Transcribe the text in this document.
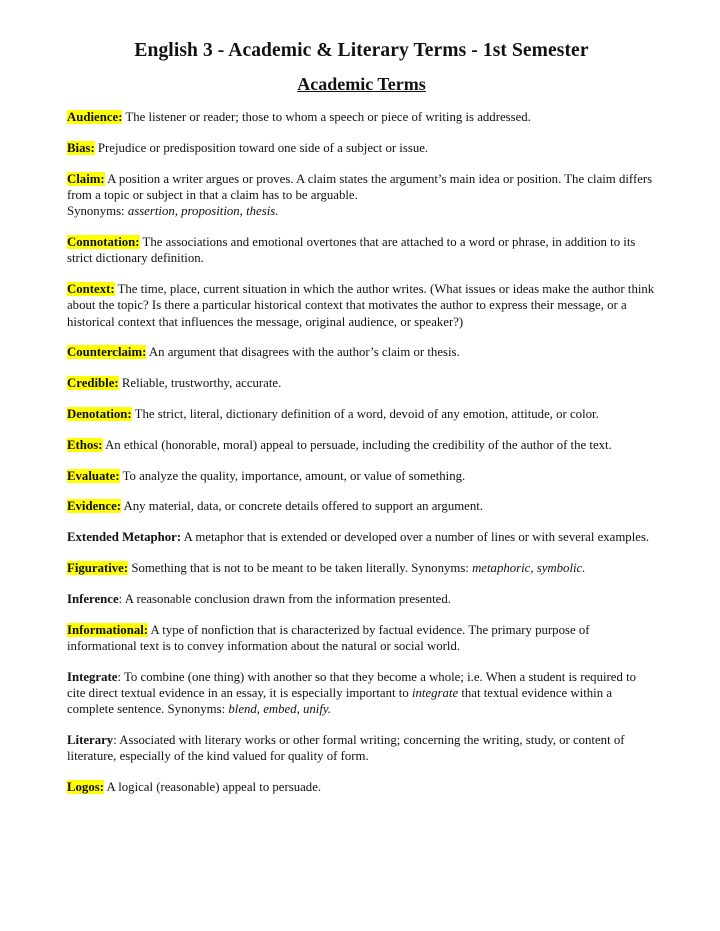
English 3 - Academic & Literary Terms - 1st Semester
Academic Terms
Audience: The listener or reader; those to whom a speech or piece of writing is addressed.
Bias: Prejudice or predisposition toward one side of a subject or issue.
Claim: A position a writer argues or proves. A claim states the argument’s main idea or position. The claim differs from a topic or subject in that a claim has to be arguable.
Synonyms: assertion, proposition, thesis.
Connotation: The associations and emotional overtones that are attached to a word or phrase, in addition to its strict dictionary definition.
Context: The time, place, current situation in which the author writes. (What issues or ideas make the author think about the topic? Is there a particular historical context that motivates the author to express their message, or a historical context that influences the message, original audience, or speaker?)
Counterclaim: An argument that disagrees with the author’s claim or thesis.
Credible: Reliable, trustworthy, accurate.
Denotation: The strict, literal, dictionary definition of a word, devoid of any emotion, attitude, or color.
Ethos: An ethical (honorable, moral) appeal to persuade, including the credibility of the author of the text.
Evaluate: To analyze the quality, importance, amount, or value of something.
Evidence: Any material, data, or concrete details offered to support an argument.
Extended Metaphor: A metaphor that is extended or developed over a number of lines or with several examples.
Figurative: Something that is not to be meant to be taken literally. Synonyms: metaphoric, symbolic.
Inference: A reasonable conclusion drawn from the information presented.
Informational: A type of nonfiction that is characterized by factual evidence. The primary purpose of informational text is to convey information about the natural or social world.
Integrate: To combine (one thing) with another so that they become a whole; i.e. When a student is required to cite direct textual evidence in an essay, it is especially important to integrate that textual evidence within a complete sentence. Synonyms: blend, embed, unify.
Literary: Associated with literary works or other formal writing; concerning the writing, study, or content of literature, especially of the kind valued for quality of form.
Logos: A logical (reasonable) appeal to persuade.
